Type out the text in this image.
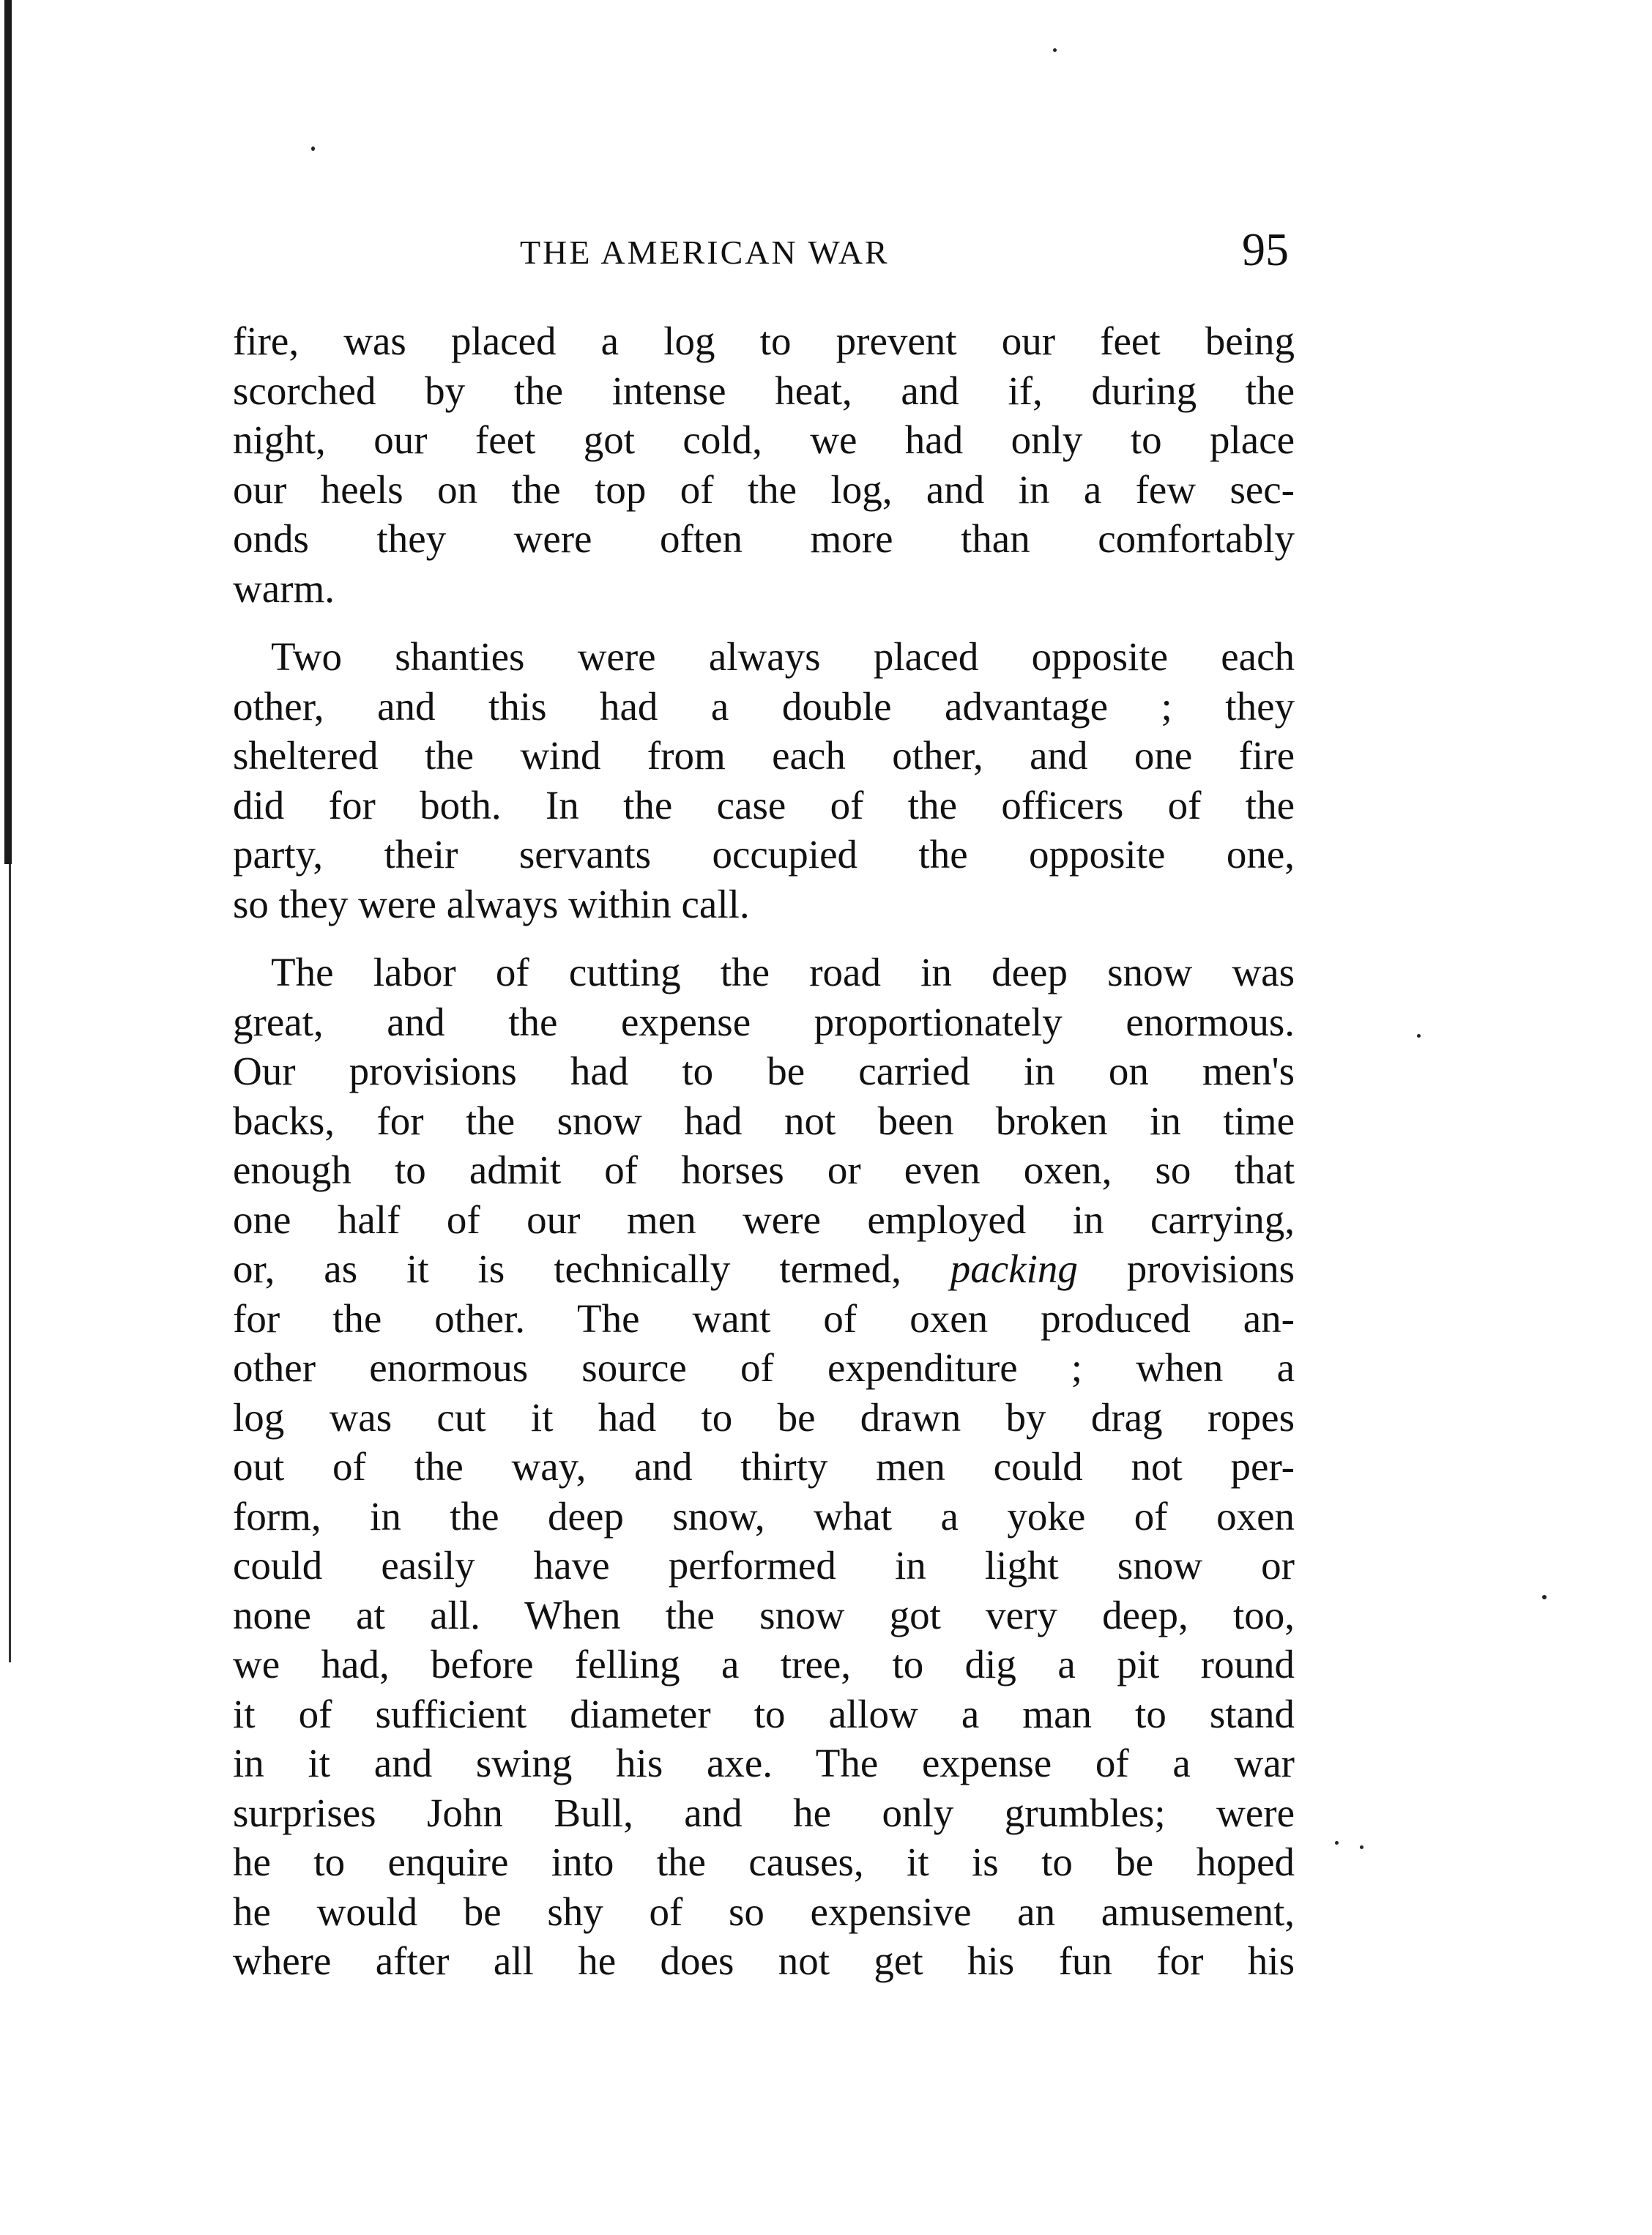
THE AMERICAN WAR	95

fire, was placed a log to prevent our feet being
scorched by the intense heat, and if, during the
night, our feet got cold, we had only to place
our heels on the top of the log, and in a few sec-
onds they were often more than comfortably
warm.

Two shanties were always placed opposite each
other, and this had a double advantage ; they
sheltered the wind from each other, and one fire
did for both. In the case of the officers of the
party, their servants occupied the opposite one,
so they were always within call.

The labor of cutting the road in deep snow was
great, and the expense proportionately enormous.
Our provisions had to be carried in on men's
backs, for the snow had not been broken in time
enough to admit of horses or even oxen, so that
one half of our men were employed in carrying,
or, as it is technically termed, packing provisions
for the other. The want of oxen produced an-
other enormous source of expenditure ; when a
log was cut it had to be drawn by drag ropes
out of the way, and thirty men could not per-
form, in the deep snow, what a yoke of oxen
could easily have performed in light snow or
none at all. When the snow got very deep, too,
we had, before felling a tree, to dig a pit round
it of sufficient diameter to allow a man to stand
in it and swing his axe. The expense of a war
surprises John Bull, and he only grumbles; were
he to enquire into the causes, it is to be hoped
he would be shy of so expensive an amusement,
where after all he does not get his fun for his
